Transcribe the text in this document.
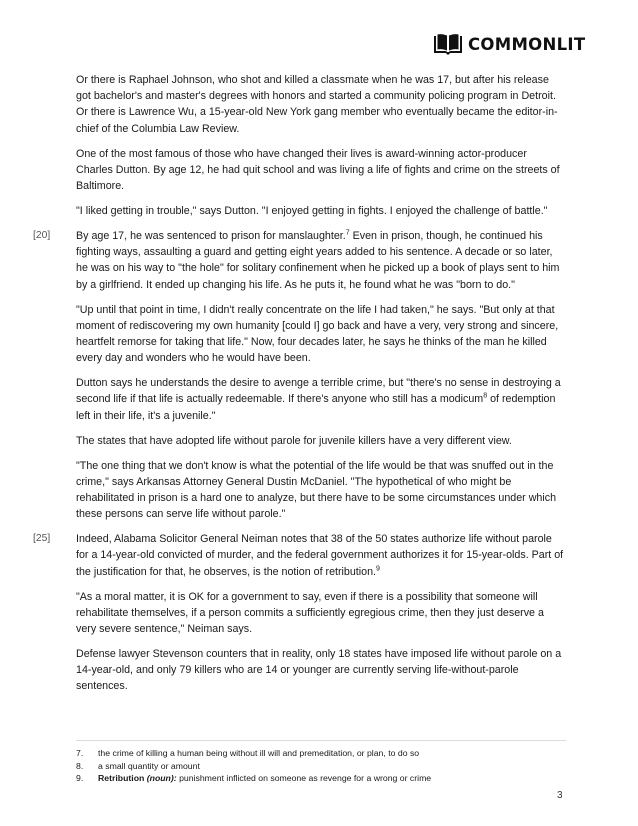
COMMONLIT

Or there is Raphael Johnson, who shot and killed a classmate when he was 17, but after his release got bachelor's and master's degrees with honors and started a community policing program in Detroit. Or there is Lawrence Wu, a 15-year-old New York gang member who eventually became the editor-in-chief of the Columbia Law Review.

One of the most famous of those who have changed their lives is award-winning actor-producer Charles Dutton. By age 12, he had quit school and was living a life of fights and crime on the streets of Baltimore.

"I liked getting in trouble," says Dutton. "I enjoyed getting in fights. I enjoyed the challenge of battle."

[20] By age 17, he was sentenced to prison for manslaughter.$^7$ Even in prison, though, he continued his fighting ways, assaulting a guard and getting eight years added to his sentence. A decade or so later, he was on his way to "the hole" for solitary confinement when he picked up a book of plays sent to him by a girlfriend. It ended up changing his life. As he puts it, he found what he was "born to do."

"Up until that point in time, I didn't really concentrate on the life I had taken," he says. "But only at that moment of rediscovering my own humanity [could I] go back and have a very, very strong and sincere, heartfelt remorse for taking that life." Now, four decades later, he says he thinks of the man he killed every day and wonders who he would have been.

Dutton says he understands the desire to avenge a terrible crime, but "there's no sense in destroying a second life if that life is actually redeemable. If there's anyone who still has a modicum$^8$ of redemption left in their life, it's a juvenile."

The states that have adopted life without parole for juvenile killers have a very different view.

"The one thing that we don't know is what the potential of the life would be that was snuffed out in the crime," says Arkansas Attorney General Dustin McDaniel. "The hypothetical of who might be rehabilitated in prison is a hard one to analyze, but there have to be some circumstances under which these persons can serve life without parole."

[25] Indeed, Alabama Solicitor General Neiman notes that 38 of the 50 states authorize life without parole for a 14-year-old convicted of murder, and the federal government authorizes it for 15-year-olds. Part of the justification for that, he observes, is the notion of retribution.$^9$

"As a moral matter, it is OK for a government to say, even if there is a possibility that someone will rehabilitate themselves, if a person commits a sufficiently egregious crime, then they just deserve a very severe sentence," Neiman says.

Defense lawyer Stevenson counters that in reality, only 18 states have imposed life without parole on a 14-year-old, and only 79 killers who are 14 or younger are currently serving life-without-parole sentences.

7.	the crime of killing a human being without ill will and premeditation, or plan, to do so
8.	a small quantity or amount
9.	Retribution (noun): punishment inflicted on someone as revenge for a wrong or crime
3
